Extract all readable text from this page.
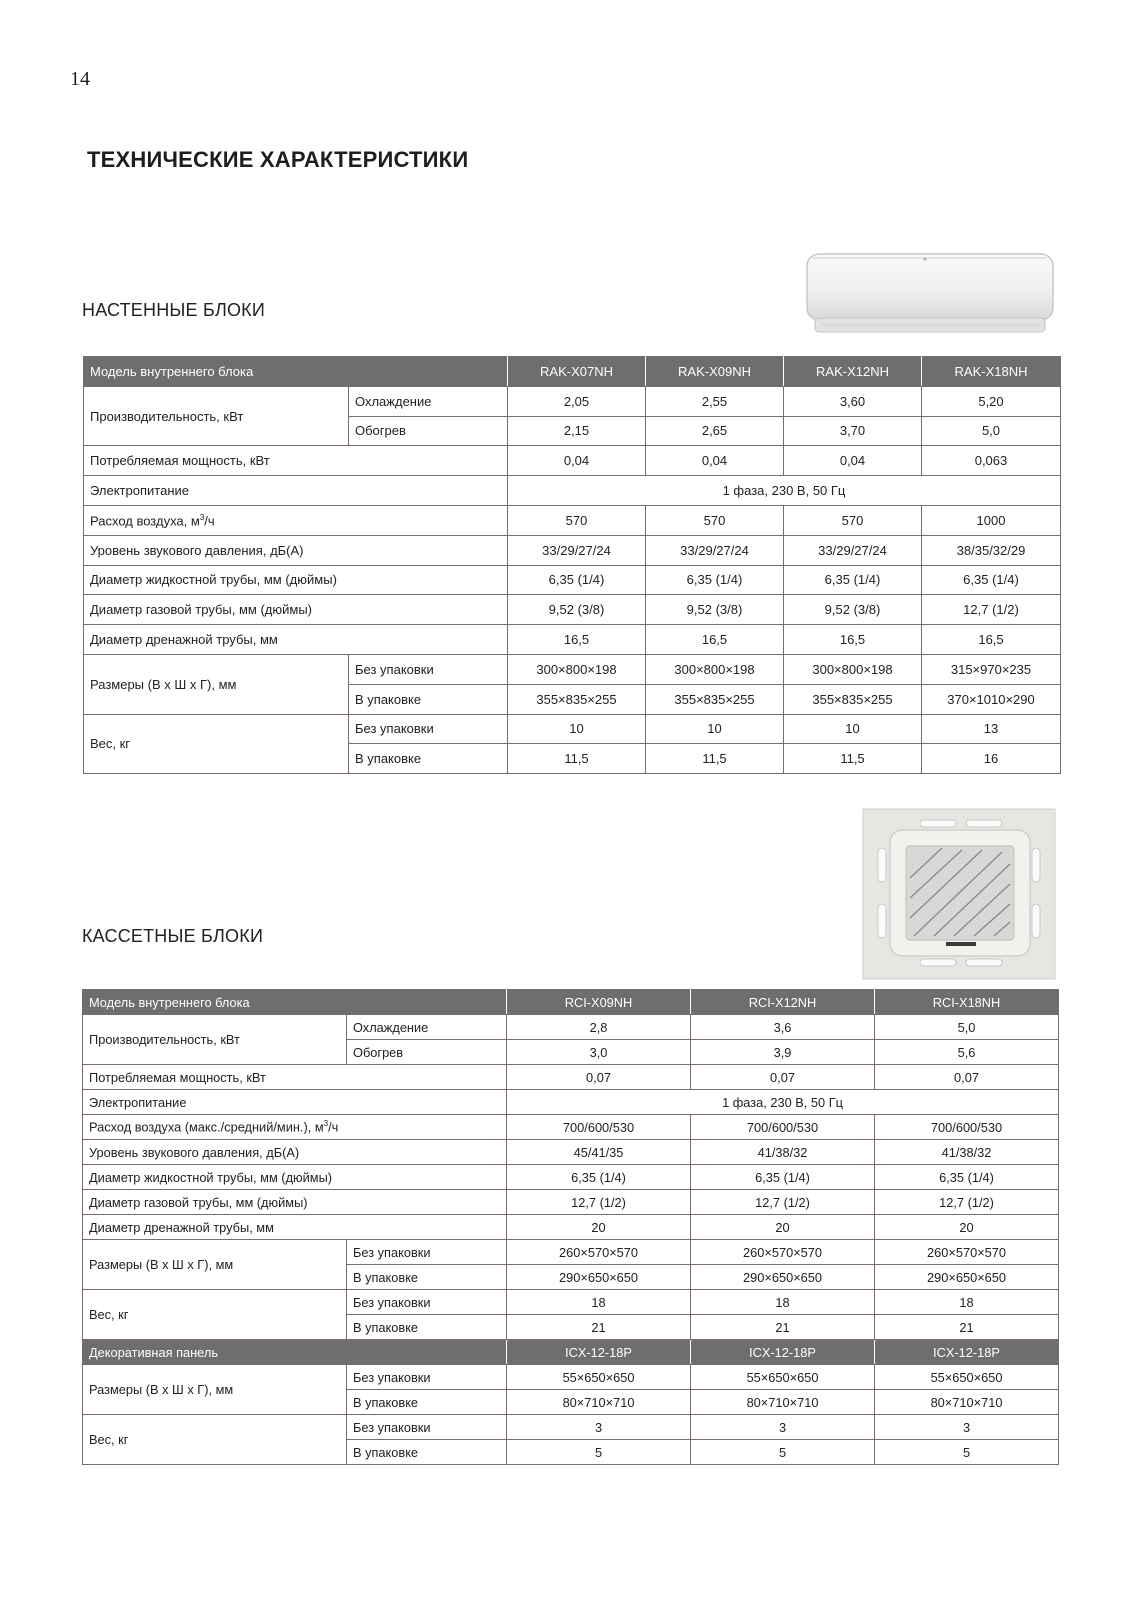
14
ТЕХНИЧЕСКИЕ ХАРАКТЕРИСТИКИ
НАСТЕННЫЕ БЛОКИ
Модель внутреннего блока		RAK-X07NH	RAK-X09NH	RAK-X12NH	RAK-X18NH
Производительность, кВт	Охлаждение	2,05	2,55	3,60	5,20
	Обогрев	2,15	2,65	3,70	5,0
Потребляемая мощность, кВт		0,04	0,04	0,04	0,063
Электропитание		1 фаза, 230 В, 50 Гц			
Расход воздуха, $м^3/ч$		570	570	570	1000
Уровень звукового давления, дБ(А)		33/29/27/24	33/29/27/24	33/29/27/24	38/35/32/29
Диаметр жидкостной трубы, мм (дюймы)		6,35 (1/4)	6,35 (1/4)	6,35 (1/4)	6,35 (1/4)
Диаметр газовой трубы, мм (дюймы)		9,52 (3/8)	9,52 (3/8)	9,52 (3/8)	12,7 (1/2)
Диаметр дренажной трубы, мм		16,5	16,5	16,5	16,5
Размеры (В х Ш х Г), мм	Без упаковки	300×800×198	300×800×198	300×800×198	315×970×235
	В упаковке	355×835×255	355×835×255	355×835×255	370×1010×290
Вес, кг	Без упаковки	10	10	10	13
	В упаковке	11,5	11,5	11,5	16
КАССЕТНЫЕ БЛОКИ
Модель внутреннего блока		RCI-X09NH	RCI-X12NH	RCI-X18NH
Производительность, кВт	Охлаждение	2,8	3,6	5,0
	Обогрев	3,0	3,9	5,6
Потребляемая мощность, кВт		0,07	0,07	0,07
Электропитание		1 фаза, 230 В, 50 Гц		
Расход воздуха (макс./средний/мин.), $м^3/ч$		700/600/530	700/600/530	700/600/530
Уровень звукового давления, дБ(А)		45/41/35	41/38/32	41/38/32
Диаметр жидкостной трубы, мм (дюймы)		6,35 (1/4)	6,35 (1/4)	6,35 (1/4)
Диаметр газовой трубы, мм (дюймы)		12,7 (1/2)	12,7 (1/2)	12,7 (1/2)
Диаметр дренажной трубы, мм		20	20	20
Размеры (В х Ш х Г), мм	Без упаковки	260×570×570	260×570×570	260×570×570
	В упаковке	290×650×650	290×650×650	290×650×650
Вес, кг	Без упаковки	18	18	18
	В упаковке	21	21	21
Декоративная панель		ICX-12-18P	ICX-12-18P	ICX-12-18P
Размеры (В х Ш х Г), мм	Без упаковки	55×650×650	55×650×650	55×650×650
	В упаковке	80×710×710	80×710×710	80×710×710
Вес, кг	Без упаковки	3	3	3
	В упаковке	5	5	5
